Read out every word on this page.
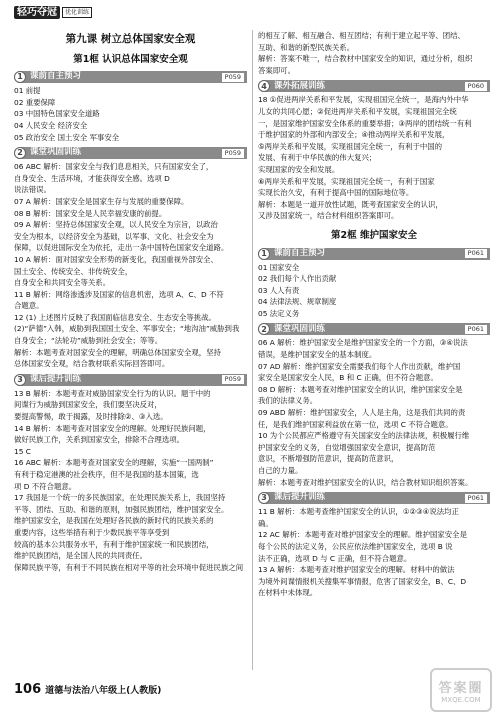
轻巧夺冠	优化训练
第九课 树立总体国家安全观
第1框 认识总体国家安全观
1 课前自主预习	P059
01 前提
02 重要保障
03 中国特色国家安全道路
04 人民安全 经济安全
05 政治安全 国土安全 军事安全
2 课堂巩固训练	P059
06 ABC 解析：国家安全与我们息息相关，只有国家安全了，
自身安全、生活环境，才能获得安全感。选项 D
说法错误。
07 A 解析：国家安全是国家生存与发展的重要保障。
08 B 解析：国家安全是人民幸福安康的前提。
09 A 解析：坚持总体国家安全观，以人民安全为宗旨，以政治
安全为根本，以经济安全为基础，以军事、文化、社会安全为
保障，以促进国际安全为依托，走出一条中国特色国家安全道路。
10 A 解析：面对国家安全形势的新变化，我国重视外部安全、
国土安全、传统安全、非传统安全，
自身安全和共同安全等关系。
11 B 解析：网络渗透涉及国家的信息机密，选项 A、C、D 不符
合题意。
12 (1) 上述图片反映了我国面临信息安全、生态安全等挑战。
(2)“萨德”入韩，威胁到我国国土安全、军事安全；“地沟油”威胁到我
自身安全；“法轮功”威胁到社会安全；等等。
解析：本题考查对国家安全的理解，明确总体国家安全观，坚持
总体国家安全观，结合教材联系实际回答即可。
3 课后提升训练	P059
13 B 解析：本题考查对威胁国家安全行为的认识。题干中的
间谍行为威胁到国家安全，我们要坚决反对，
要提高警惕，敢于揭露，及时排除②、③入选。
14 B 解析：本题考查对国家安全的理解。处理好民族问题，
做好民族工作，关系到国家安全，排除不合理选项。
15 C
16 ABC 解析：本题考查对国家安全的理解，实施“一国两制”
有利于稳定港澳的社会秩序，但不是我国的基本国策，选
项 D 不符合题意。
17 我国是一个统一的多民族国家，在处理民族关系上，我国坚持
平等、团结、互助、和谐的原则，加强民族团结，维护国家安全。
维护国家安全，是我国在处理好各民族的新时代的民族关系的
重要内容，这些举措有利于少数民族平等享受到
较高的基本公共服务水平，有利于维护国家统一和民族团结，
维护民族团结，是全国人民的共同责任。
保障民族平等，有利于不同民族在相对平等的社会环境中促进民族之间
的相互了解、相互融合、相互团结；有利于建立起平等、团结、
互助、和谐的新型民族关系。
解析：答案不唯一，结合教材中国家安全的知识，通过分析，组织
答案即可。
4 课外拓展训练	P060
18 ①促进两岸关系和平发展，实现祖国完全统一，是海内外中华
儿女的共同心愿；②促进两岸关系和平发展，实现祖国完全统
一，是国家维护国家安全体系的重要举措；③两岸的团结统一有利
于维护国家的外部和内部安全；④推动两岸关系和平发展，
⑤两岸关系和平发展，实现祖国完全统一，有利于中国的
发展、有利于中华民族的伟大复兴；
实现国家的安全和发展。
⑥两岸关系和平发展，实现祖国完全统一，有利于国家
实现长治久安，有利于提高中国的国际地位等。
解析：本题是一道开放性试题，既考查国家安全的认识，
又涉及国家统一，结合材料组织答案即可。
第2框 维护国家安全
1 课前自主预习	P061
01 国家安全
02 我们每个人作出贡献
03 人人有责
04 法律法规、规章制度
05 法定义务
2 课堂巩固训练	P061
06 A 解析：维护国家安全是维护国家安全的一个方面，③④说法
错误，是维护国家安全的基本制度。
07 AD 解析：维护国家安全需要我们每个人作出贡献，维护国
家安全是国家安全人民，B 和 C 正确，但不符合题意。
08 D 解析：本题考查对维护国家安全的认识，维护国家安全是
我们的法律义务。
09 ABD 解析：维护国家安全，人人是主角，这是我们共同的责
任，是我们维护国家利益放在第一位，选项 C 不符合题意。
10 为个公民都应严格遵守有关国家安全的法律法规，积极履行维
护国家安全的义务，自觉增强国家安全意识，提高防范
意识，不断增强防范意识，提高防范意识，
自己的力量。
解析：本题考查对维护国家安全的认识，结合教材知识组织答案。
3 课后提升训练	P061
11 B 解析：本题考查维护国家安全的认识，①②③④说法均正
确。
12 AC 解析：本题考查对维护国家安全的理解。维护国家安全是
每个公民的法定义务，公民应依法维护国家安全，选项 B 说
法不正确，选项 D 与 C 正确，但不符合题意。
13 A 解析：本题考查对维护国家安全的理解。材料中的做法
为境外间谍情报机关搜集军事情报，危害了国家安全，B、C、D
在材料中未体现。
106 道德与法治八年级上(人教版)	答案圈
MXQE.COM
